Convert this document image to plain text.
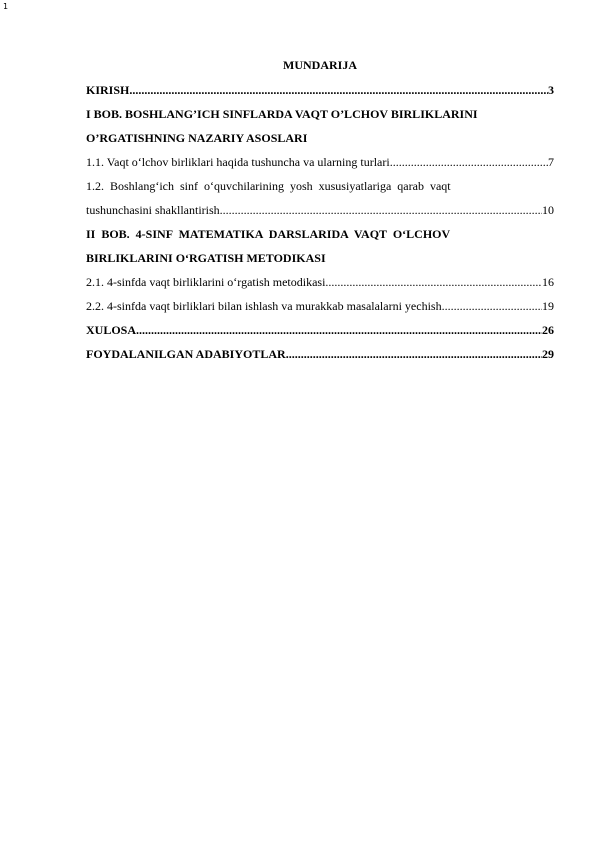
1
MUNDARIJA
KIRISH .....	3
I BOB. BOSHLANG’ICH SINFLARDA VAQT O’LCHOV BIRLIKLARINI
O’RGATISHNING NAZARIY ASOSLARI
1.1. Vaqt o‘lchov birliklari haqida tushuncha va ularning turlari .....	7
1.2.  Boshlang‘ich  sinf  o‘quvchilarining  yosh  xususiyatlariga  qarab  vaqt
tushunchasini shakllantirish .....	10
II  BOB.  4-SINF  MATEMATIKA  DARSLARIDA  VAQT  O‘LCHOV
BIRLIKLARINI O‘RGATISH METODIKASI
2.1. 4-sinfda vaqt birliklarini o‘rgatish metodikasi .....	16
2.2. 4-sinfda vaqt birliklari bilan ishlash va murakkab masalalarni yechish .....	19
XULOSA .....	26
FOYDALANILGAN ADABIYOTLAR .....	29
